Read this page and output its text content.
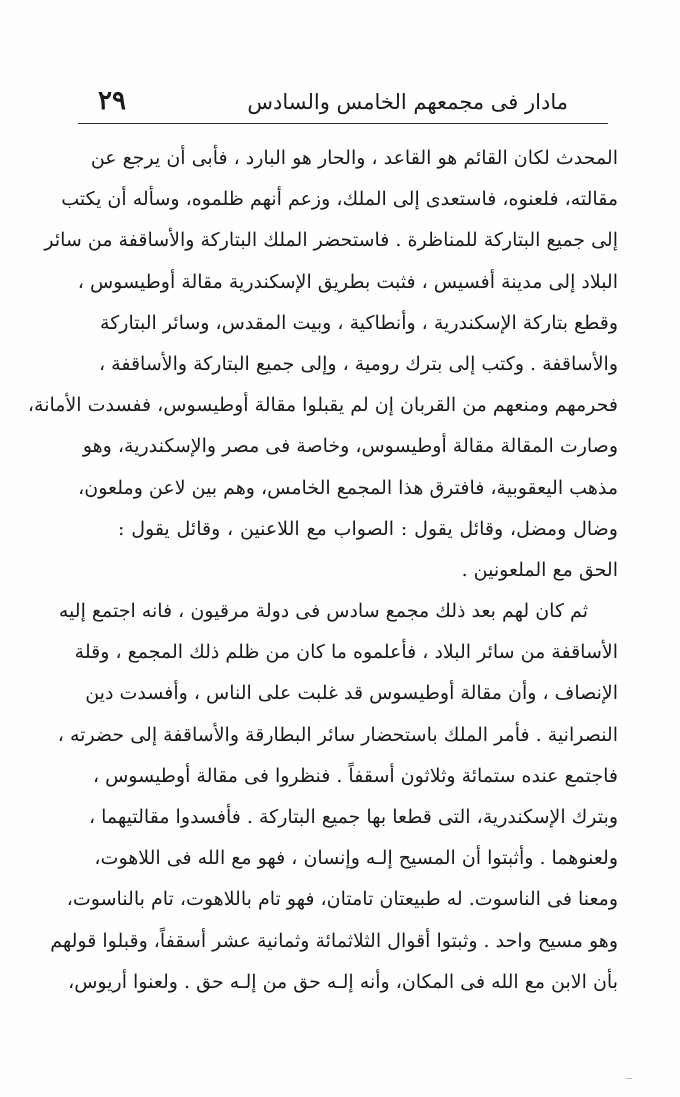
٢٩	مادار فى مجمعهم الخامس والسادس
المحدث لكان القائم هو القاعد ، والحار هو البارد ، فأبى أن يرجع عن
مقالته، فلعنوه، فاستعدى إلى الملك، وزعم أنهم ظلموه، وسأله أن يكتب
إلى جميع البتاركة للمناظرة . فاستحضر الملك البتاركة والأساقفة من سائر
البلاد إلى مدينة أفسيس ، فثبت بطريق الإسكندرية مقالة أوطيسوس ،
وقطع بتاركة الإسكندرية ، وأنطاكية ، وبيت المقدس، وسائر البتاركة
والأساقفة . وكتب إلى بترك رومية ، وإلى جميع البتاركة والأساقفة ،
فحرمهم ومنعهم من القربان إن لم يقبلوا مقالة أوطيسوس، ففسدت الأمانة،
وصارت المقالة مقالة أوطيسوس، وخاصة فى مصر والإسكندرية، وهو
مذهب اليعقوبية، فافترق هذا المجمع الخامس، وهم بين لاعن وملعون،
وضال ومضل، وقائل يقول : الصواب مع اللاعنين ، وقائل يقول :
الحق مع الملعونين .
ثم كان لهم بعد ذلك مجمع سادس فى دولة مرقيون ، فانه اجتمع إليه
الأساقفة من سائر البلاد ، فأعلموه ما كان من ظلم ذلك المجمع ، وقلة
الإنصاف ، وأن مقالة أوطيسوس قد غلبت على الناس ، وأفسدت دين
النصرانية . فأمر الملك باستحضار سائر البطارقة والأساقفة إلى حضرته ،
فاجتمع عنده ستمائة وثلاثون أسقفاً . فنظروا فى مقالة أوطيسوس ،
وبترك الإسكندرية، التى قطعا بها جميع البتاركة . فأفسدوا مقالتيهما ،
ولعنوهما . وأثبتوا أن المسيح إلـه وإنسان ، فهو مع الله فى اللاهوت،
ومعنا فى الناسوت. له طبيعتان تامتان، فهو تام باللاهوت، تام بالناسوت،
وهو مسيح واحد . وثبتوا أقوال الثلاثمائة وثمانية عشر أسقفاً، وقبلوا قولهم
بأن الابن مع الله فى المكان، وأنه إلـه حق من إلـه حق . ولعنوا أريوس،
